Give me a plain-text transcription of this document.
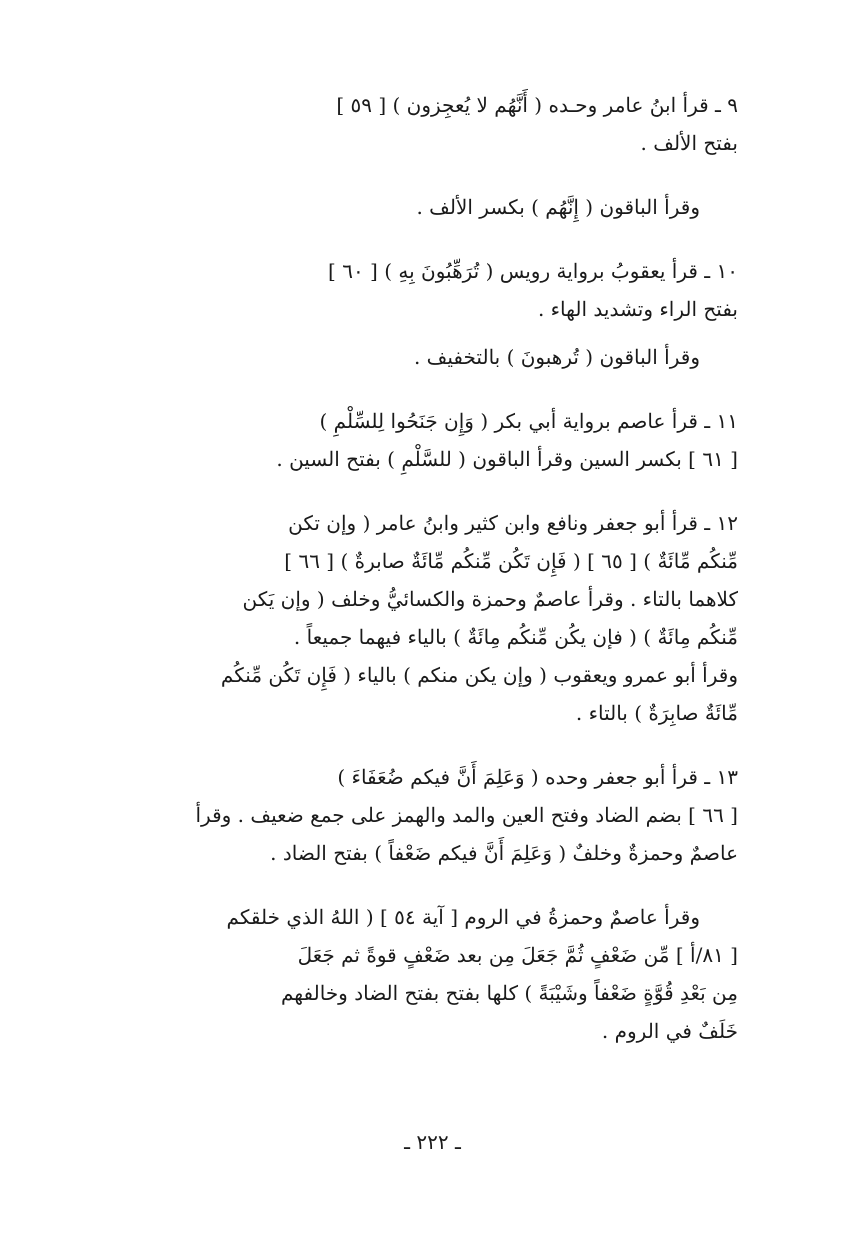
٩ ـ قرأ ابنُ عامر وحـده ( أَنَّهُم لا يُعجِزون ) [ ٥٩ ]
بفتح الألف .
وقرأ الباقون ( إِنَّهُم ) بكسر الألف .
١٠ ـ قرأ يعقوبُ برواية رويس ( تُرَهِّبُونَ بِهِ ) [ ٦٠ ]
بفتح الراء وتشديد الهاء .
وقرأ الباقون ( تُرهبونَ ) بالتخفيف .
١١ ـ قرأ عاصم برواية أبي بكر ( وَإِن جَنَحُوا لِلسِّلْمِ )
[ ٦١ ] بكسر السين وقرأ الباقون ( للسَّلْمِ ) بفتح السين .
١٢ ـ قرأ أبو جعفر ونافع وابن كثير وابنُ عامر ( وإن تكن
مِّنكُم مِّائَةٌ ) [ ٦٥ ] ( فَإِن تَكُن مِّنكُم مِّائَةٌ صابرةٌ ) [ ٦٦ ]
كلاهما بالتاء . وقرأ عاصمٌ وحمزة والكسائيُّ وخلف ( وإن يَكن
مِّنكُم مِائَةٌ ) ( فإن يكُن مِّنكُم مِائَةٌ ) بالياء فيهما جميعاً .
وقرأ أبو عمرو ويعقوب ( وإن يكن منكم ) بالياء ( فَإِن تَكُن مِّنكُم
مِّائَةٌ صابِرَةٌ ) بالتاء .
١٣ ـ قرأ أبو جعفر وحده ( وَعَلِمَ أَنَّ فيكم ضُعَفَاءَ )
[ ٦٦ ] بضم الضاد وفتح العين والمد والهمز على جمع ضعيف . وقرأ
عاصمٌ وحمزةٌ وخلفٌ ( وَعَلِمَ أَنَّ فيكم ضَعْفاً ) بفتح الضاد .
وقرأ عاصمٌ وحمزةُ في الروم [ آية ٥٤ ] ( اللهُ الذي خلقكم
[ ٨١/أ ] مِّن ضَعْفٍ ثُمَّ جَعَلَ مِن بعد ضَعْفٍ قوةً ثم جَعَلَ
مِن بَعْدِ قُوَّةٍ ضَعْفاً وشَيْبَةً ) كلها بفتح بفتح الضاد وخالفهم
خَلَفٌ في الروم .
ـ ٢٢٢ ـ
